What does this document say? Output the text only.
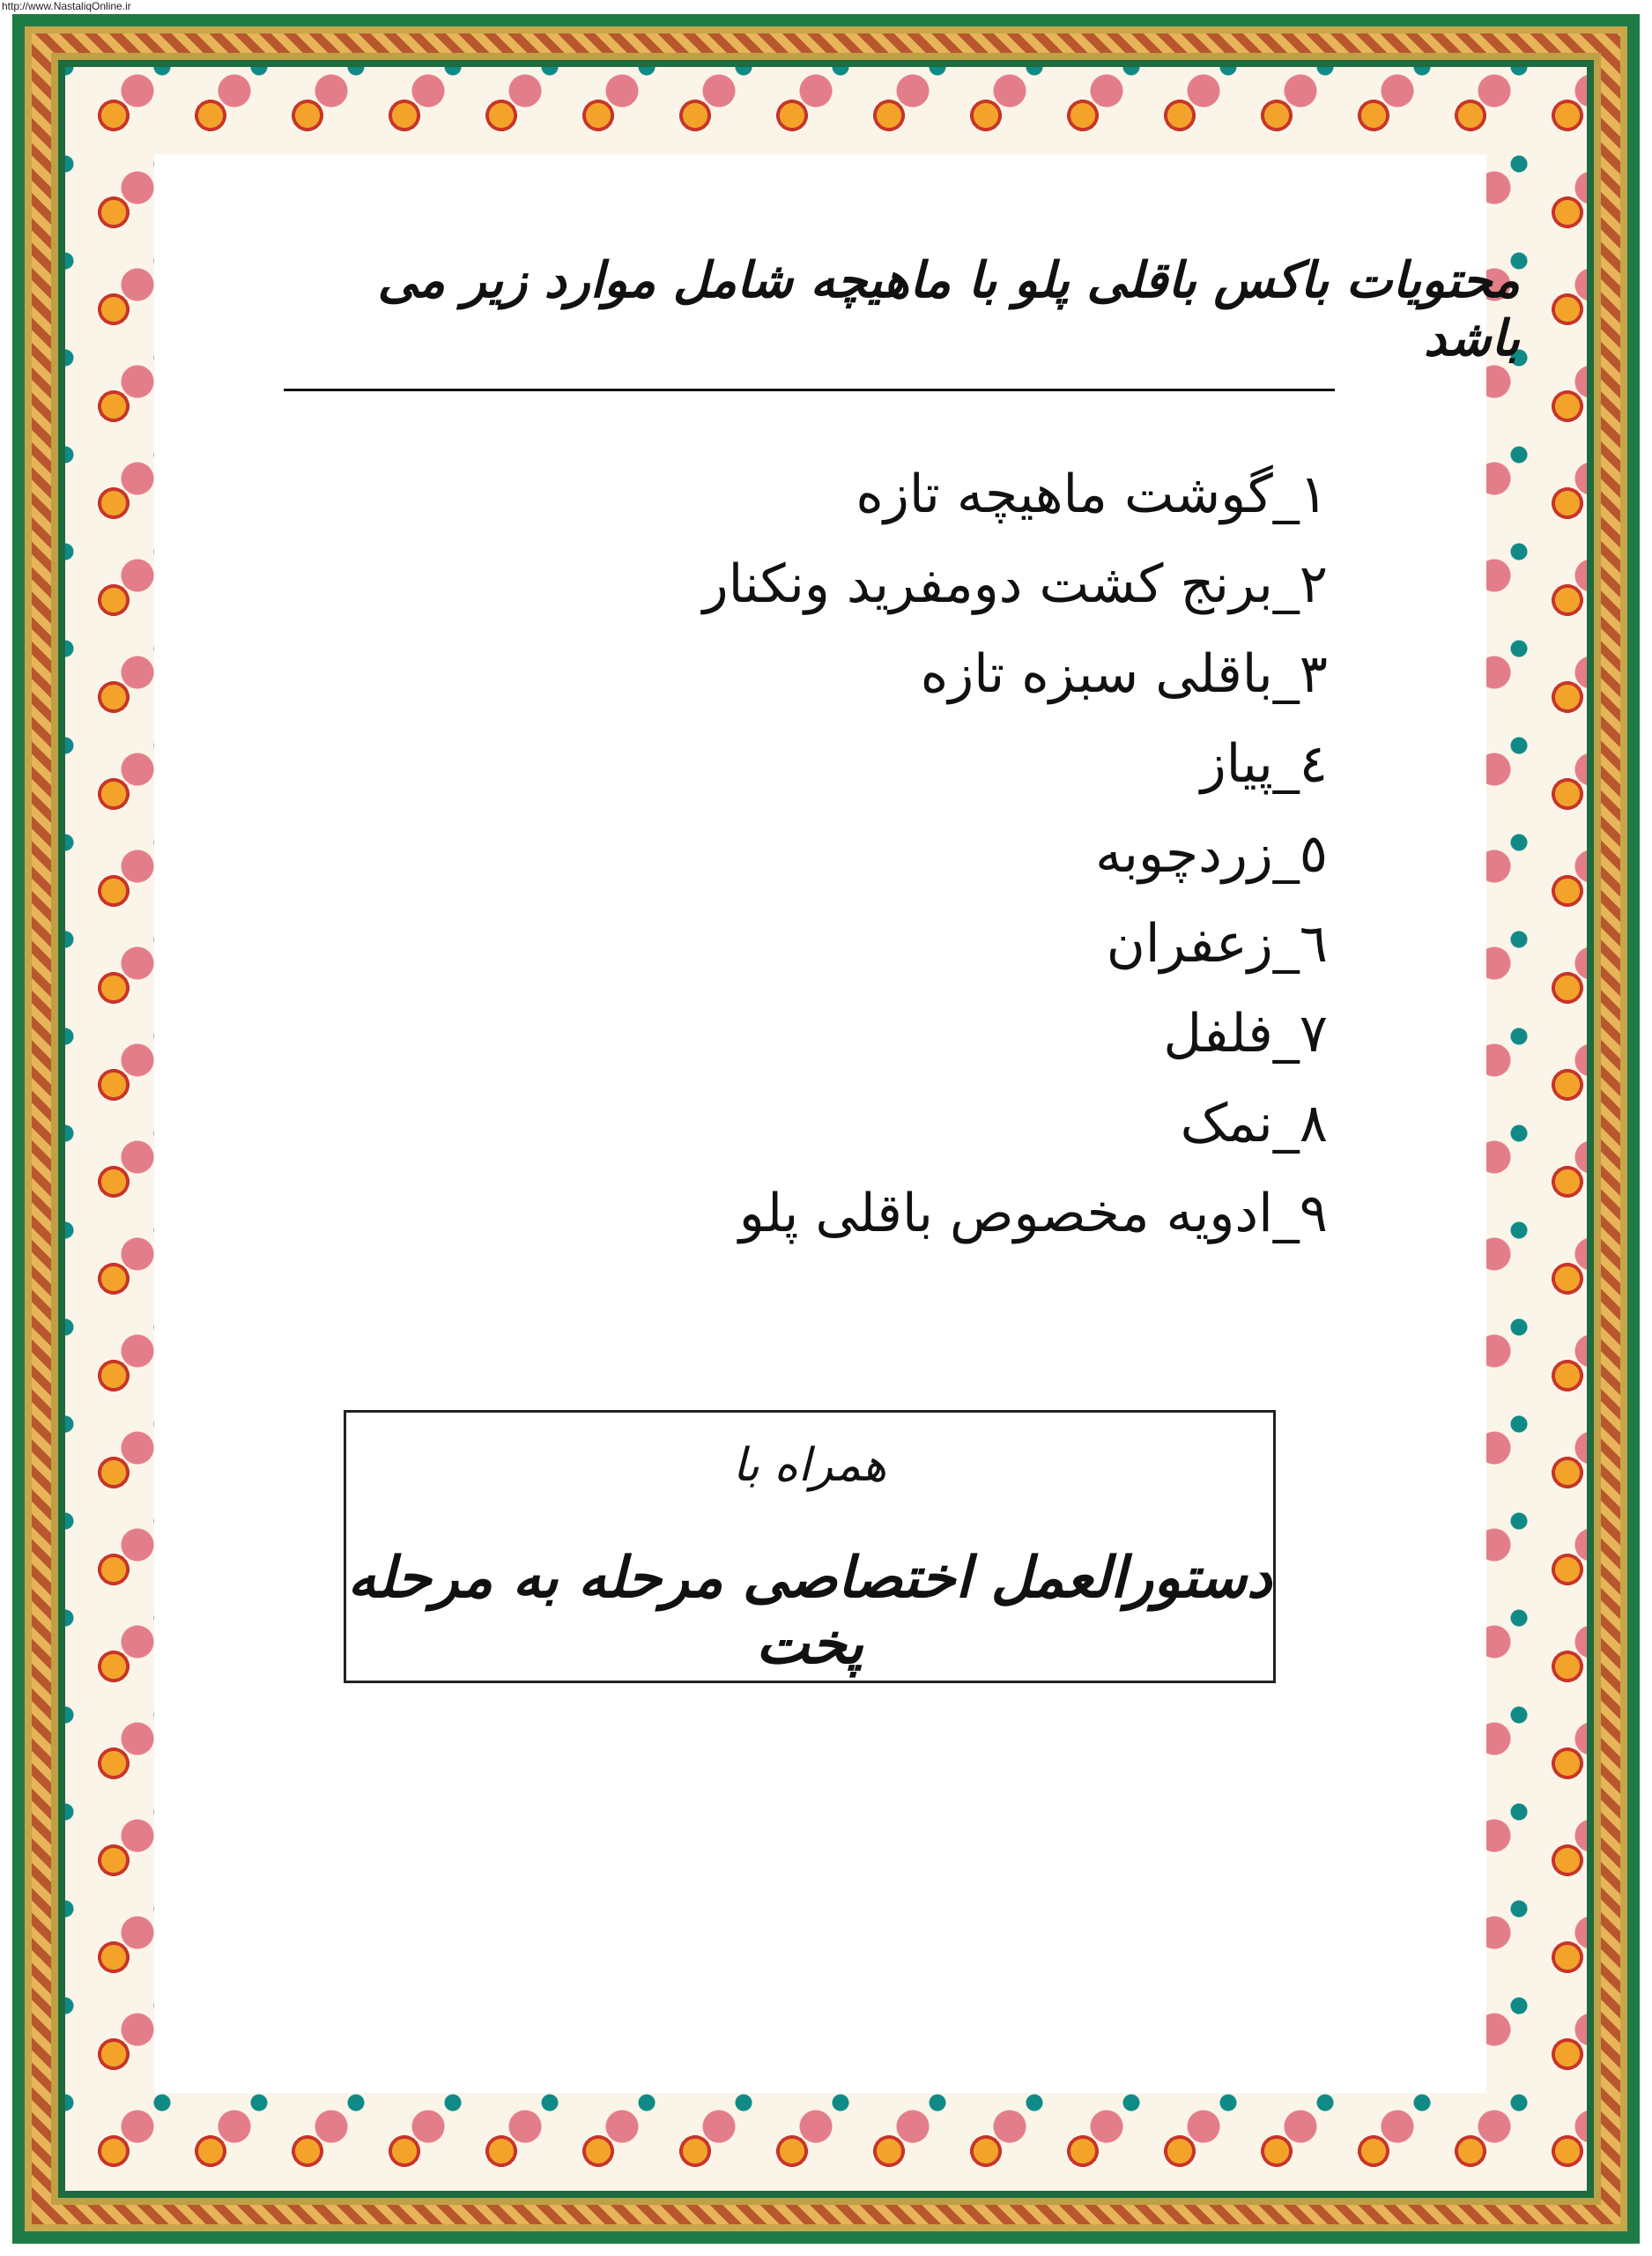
http://www.NastaliqOnline.ir
محتویات باکس باقلی پلو با ماهیچه شامل موارد زیر می باشد
۱_گوشت ماهیچه تازه
۲_برنج کشت دومفرید ونکنار
۳_باقلی سبزه تازه
٤_پیاز
٥_زردچوبه
٦_زعفران
۷_فلفل
۸_نمک
۹_ادویه مخصوص باقلی پلو
همراه با
دستورالعمل اختصاصی مرحله به مرحله پخت
